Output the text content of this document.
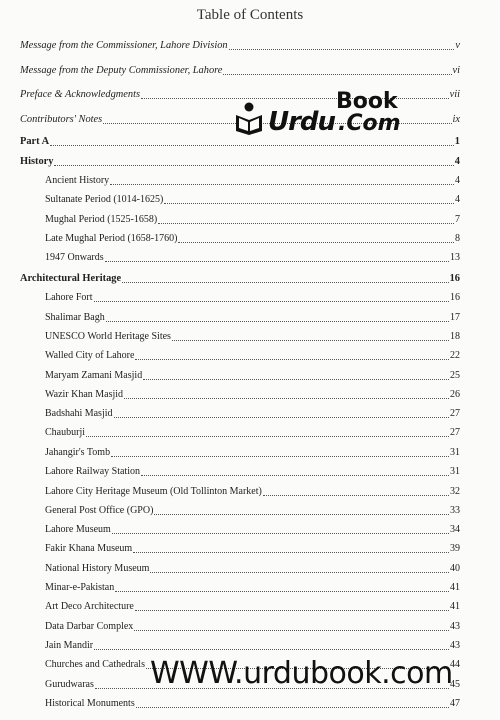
Table of Contents
Message from the Commissioner, Lahore Division	v
Message from the Deputy Commissioner, Lahore	vi
Preface & Acknowledgments	vii
Contributors' Notes	ix
Part A	1
History	4
Ancient History	4
Sultanate Period (1014-1625)	4
Mughal Period (1525-1658)	7
Late Mughal Period (1658-1760)	8
1947 Onwards	13
Architectural Heritage	16
Lahore Fort	16
Shalimar Bagh	17
UNESCO World Heritage Sites	18
Walled City of Lahore	22
Maryam Zamani Masjid	25
Wazir Khan Masjid	26
Badshahi Masjid	27
Chauburji	27
Jahangir's Tomb	31
Lahore Railway Station	31
Lahore City Heritage Museum (Old Tollinton Market)	32
General Post Office (GPO)	33
Lahore Museum	34
Fakir Khana Museum	39
National History Museum	40
Minar-e-Pakistan	41
Art Deco Architecture	41
Data Darbar Complex	43
Jain Mandir	43
Churches and Cathedrals	44
Gurudwaras	45
Historical Monuments	47
Urdu
Book
.Com
WWW.urdubook.com
